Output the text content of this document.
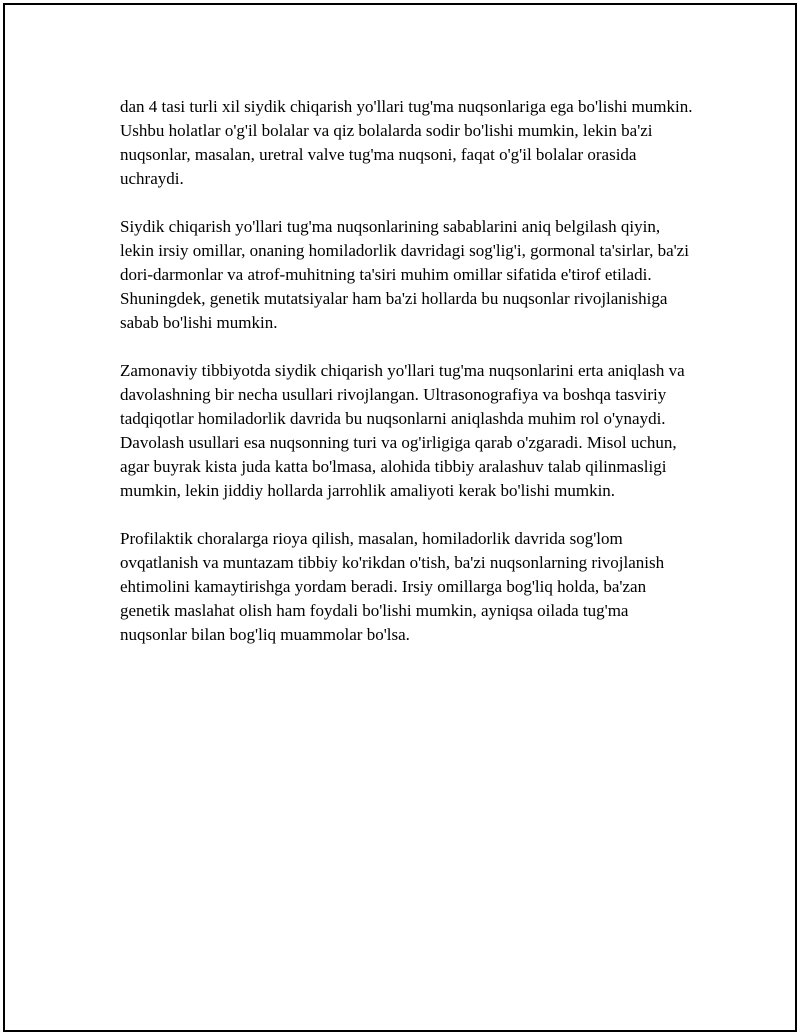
dan 4 tasi turli xil siydik chiqarish yo'llari tug'ma nuqsonlariga ega bo'lishi mumkin. Ushbu holatlar o'g'il bolalar va qiz bolalarda sodir bo'lishi mumkin, lekin ba'zi nuqsonlar, masalan, uretral valve tug'ma nuqsoni, faqat o'g'il bolalar orasida uchraydi.

Siydik chiqarish yo'llari tug'ma nuqsonlarining sabablarini aniq belgilash qiyin, lekin irsiy omillar, onaning homiladorlik davridagi sog'lig'i, gormonal ta'sirlar, ba'zi dori-darmonlar va atrof-muhitning ta'siri muhim omillar sifatida e'tirof etiladi. Shuningdek, genetik mutatsiyalar ham ba'zi hollarda bu nuqsonlar rivojlanishiga sabab bo'lishi mumkin.

Zamonaviy tibbiyotda siydik chiqarish yo'llari tug'ma nuqsonlarini erta aniqlash va davolashning bir necha usullari rivojlangan. Ultrasonografiya va boshqa tasviriy tadqiqotlar homiladorlik davrida bu nuqsonlarni aniqlashda muhim rol o'ynaydi. Davolash usullari esa nuqsonning turi va og'irligiga qarab o'zgaradi. Misol uchun, agar buyrak kista juda katta bo'lmasa, alohida tibbiy aralashuv talab qilinmasligi mumkin, lekin jiddiy hollarda jarrohlik amaliyoti kerak bo'lishi mumkin.

Profilaktik choralarga rioya qilish, masalan, homiladorlik davrida sog'lom ovqatlanish va muntazam tibbiy ko'rikdan o'tish, ba'zi nuqsonlarning rivojlanish ehtimolini kamaytirishga yordam beradi. Irsiy omillarga bog'liq holda, ba'zan genetik maslahat olish ham foydali bo'lishi mumkin, ayniqsa oilada tug'ma nuqsonlar bilan bog'liq muammolar bo'lsa.
